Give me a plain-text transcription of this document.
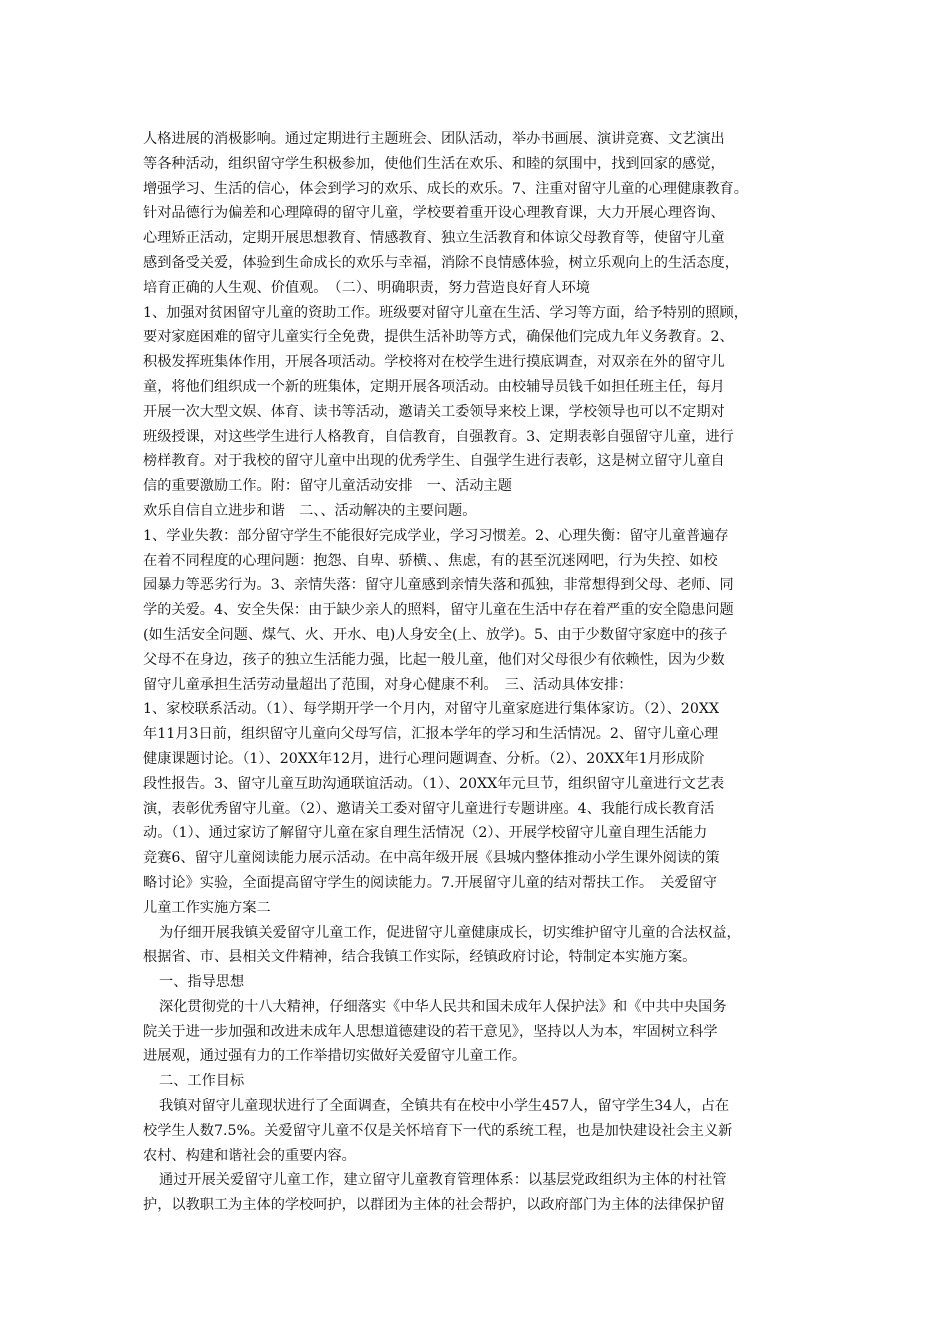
人格进展的消极影响。通过定期进行主题班会、团队活动，举办书画展、演讲竞赛、文艺演出
等各种活动，组织留守学生积极参加，使他们生活在欢乐、和睦的氛围中，找到回家的感觉，
增强学习、生活的信心，体会到学习的欢乐、成长的欢乐。7、注重对留守儿童的心理健康教育。
针对品德行为偏差和心理障碍的留守儿童，学校要着重开设心理教育课，大力开展心理咨询、
心理矫正活动，定期开展思想教育、情感教育、独立生活教育和体谅父母教育等，使留守儿童
感到备受关爱，体验到生命成长的欢乐与幸福，消除不良情感体验，树立乐观向上的生活态度，
培育正确的人生观、价值观。　（二）、明确职责，努力营造良好育人环境
1、加强对贫困留守儿童的资助工作。班级要对留守儿童在生活、学习等方面，给予特别的照顾，
要对家庭困难的留守儿童实行全免费，提供生活补助等方式，确保他们完成九年义务教育。2、
积极发挥班集体作用，开展各项活动。学校将对在校学生进行摸底调查，对双亲在外的留守儿
童，将他们组织成一个新的班集体，定期开展各项活动。由校辅导员钱千如担任班主任，每月
开展一次大型文娱、体育、读书等活动，邀请关工委领导来校上课，学校领导也可以不定期对
班级授课，对这些学生进行人格教育，自信教育，自强教育。3、定期表彰自强留守儿童，进行
榜样教育。对于我校的留守儿童中出现的优秀学生、自强学生进行表彰，这是树立留守儿童自
信的重要激励工作。附：留守儿童活动安排　一、活动主题
欢乐自信自立进步和谐　二、、活动解决的主要问题。
1、学业失教：部分留守学生不能很好完成学业，学习习惯差。2、心理失衡：留守儿童普遍存
在着不同程度的心理问题：抱怨、自卑、骄横、、焦虑，有的甚至沉迷网吧，行为失控、如校
园暴力等恶劣行为。3、亲情失落：留守儿童感到亲情失落和孤独，非常想得到父母、老师、同
学的关爱。4、安全失保：由于缺少亲人的照料，留守儿童在生活中存在着严重的安全隐患问题
(如生活安全问题、煤气、火、开水、电)人身安全(上、放学)。5、由于少数留守家庭中的孩子
父母不在身边，孩子的独立生活能力强，比起一般儿童，他们对父母很少有依赖性，因为少数
留守儿童承担生活劳动量超出了范围，对身心健康不利。　三、活动具体安排：
1、家校联系活动。（1）、每学期开学一个月内，对留守儿童家庭进行集体家访。（2）、20XX
年11月3日前，组织留守儿童向父母写信，汇报本学年的学习和生活情况。2、留守儿童心理
健康课题讨论。（1）、20XX年12月，进行心理问题调查、分析。（2）、20XX年1月形成阶
段性报告。3、留守儿童互助沟通联谊活动。（1）、20XX年元旦节，组织留守儿童进行文艺表
演，表彰优秀留守儿童。（2）、邀请关工委对留守儿童进行专题讲座。4、我能行成长教育活
动。（1）、通过家访了解留守儿童在家自理生活情况（2）、开展学校留守儿童自理生活能力
竞赛6、留守儿童阅读能力展示活动。在中高年级开展《县城内整体推动小学生课外阅读的策
略讨论》实验，全面提高留守学生的阅读能力。7.开展留守儿童的结对帮扶工作。　关爱留守
儿童工作实施方案二
为仔细开展我镇关爱留守儿童工作，促进留守儿童健康成长，切实维护留守儿童的合法权益，
根据省、市、县相关文件精神，结合我镇工作实际，经镇政府讨论，特制定本实施方案。
一、指导思想
深化贯彻党的十八大精神，仔细落实《中华人民共和国未成年人保护法》和《中共中央国务
院关于进一步加强和改进未成年人思想道德建设的若干意见》，坚持以人为本，牢固树立科学
进展观，通过强有力的工作举措切实做好关爱留守儿童工作。
二、工作目标
我镇对留守儿童现状进行了全面调查，全镇共有在校中小学生457人，留守学生34人，占在
校学生人数7.5%。关爱留守儿童不仅是关怀培育下一代的系统工程，也是加快建设社会主义新
农村、构建和谐社会的重要内容。
通过开展关爱留守儿童工作，建立留守儿童教育管理体系：以基层党政组织为主体的村社管
护，以教职工为主体的学校呵护，以群团为主体的社会帮护，以政府部门为主体的法律保护留
